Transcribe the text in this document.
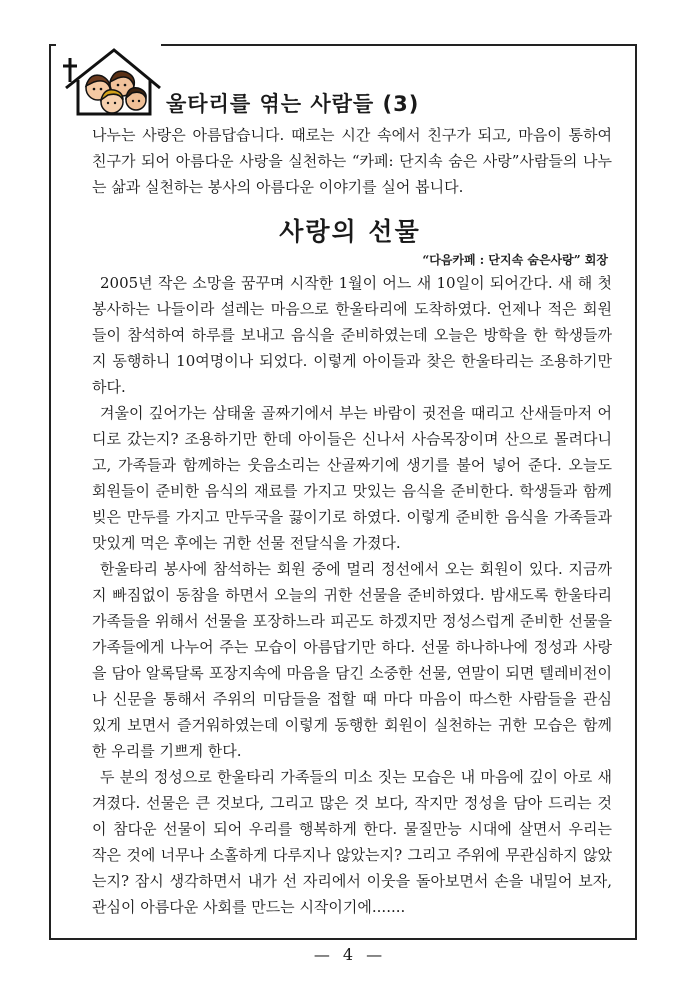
울타리를 엮는 사람들 (3)
나누는 사랑은 아름답습니다. 때로는 시간 속에서 친구가 되고, 마음이 통하여 친구가 되어 아름다운 사랑을 실천하는 “카페: 단지속 숨은 사랑”사람들의 나누는 삶과 실천하는 봉사의 아름다운 이야기를 실어 봅니다.
사랑의 선물
“다음카페 : 단지속 숨은사랑” 회장

2005년 작은 소망을 꿈꾸며 시작한 1월이 어느 새 10일이 되어간다. 새 해 첫 봉사하는 나들이라 설레는 마음으로 한울타리에 도착하였다. 언제나 적은 회원들이 참석하여 하루를 보내고 음식을 준비하였는데 오늘은 방학을 한 학생들까지 동행하니 10여명이나 되었다. 이렇게 아이들과 찾은 한울타리는 조용하기만 하다.

겨울이 깊어가는 삼태울 골짜기에서 부는 바람이 귓전을 때리고 산새들마저 어디로 갔는지? 조용하기만 한데 아이들은 신나서 사슴목장이며 산으로 몰려다니고, 가족들과 함께하는 웃음소리는 산골짜기에 생기를 불어 넣어 준다. 오늘도 회원들이 준비한 음식의 재료를 가지고 맛있는 음식을 준비한다. 학생들과 함께 빚은 만두를 가지고 만두국을 끓이기로 하였다. 이렇게 준비한 음식을 가족들과 맛있게 먹은 후에는 귀한 선물 전달식을 가졌다.

한울타리 봉사에 참석하는 회원 중에 멀리 정선에서 오는 회원이 있다. 지금까지 빠짐없이 동참을 하면서 오늘의 귀한 선물을 준비하였다. 밤새도록 한울타리 가족들을 위해서 선물을 포장하느라 피곤도 하겠지만 정성스럽게 준비한 선물을 가족들에게 나누어 주는 모습이 아름답기만 하다. 선물 하나하나에 정성과 사랑을 담아 알록달록 포장지속에 마음을 담긴 소중한 선물, 연말이 되면 텔레비전이나 신문을 통해서 주위의 미담들을 접할 때 마다 마음이 따스한 사람들을 관심 있게 보면서 즐거워하였는데 이렇게 동행한 회원이 실천하는 귀한 모습은 함께한 우리를 기쁘게 한다.

두 분의 정성으로 한울타리 가족들의 미소 짓는 모습은 내 마음에 깊이 아로 새겨졌다. 선물은 큰 것보다, 그리고 많은 것 보다, 작지만 정성을 담아 드리는 것이 참다운 선물이 되어 우리를 행복하게 한다. 물질만능 시대에 살면서 우리는 작은 것에 너무나 소홀하게 다루지나 않았는지? 그리고 주위에 무관심하지 않았는지? 잠시 생각하면서 내가 선 자리에서 이웃을 돌아보면서 손을 내밀어 보자, 관심이 아름다운 사회를 만드는 시작이기에.......

— 4 —
